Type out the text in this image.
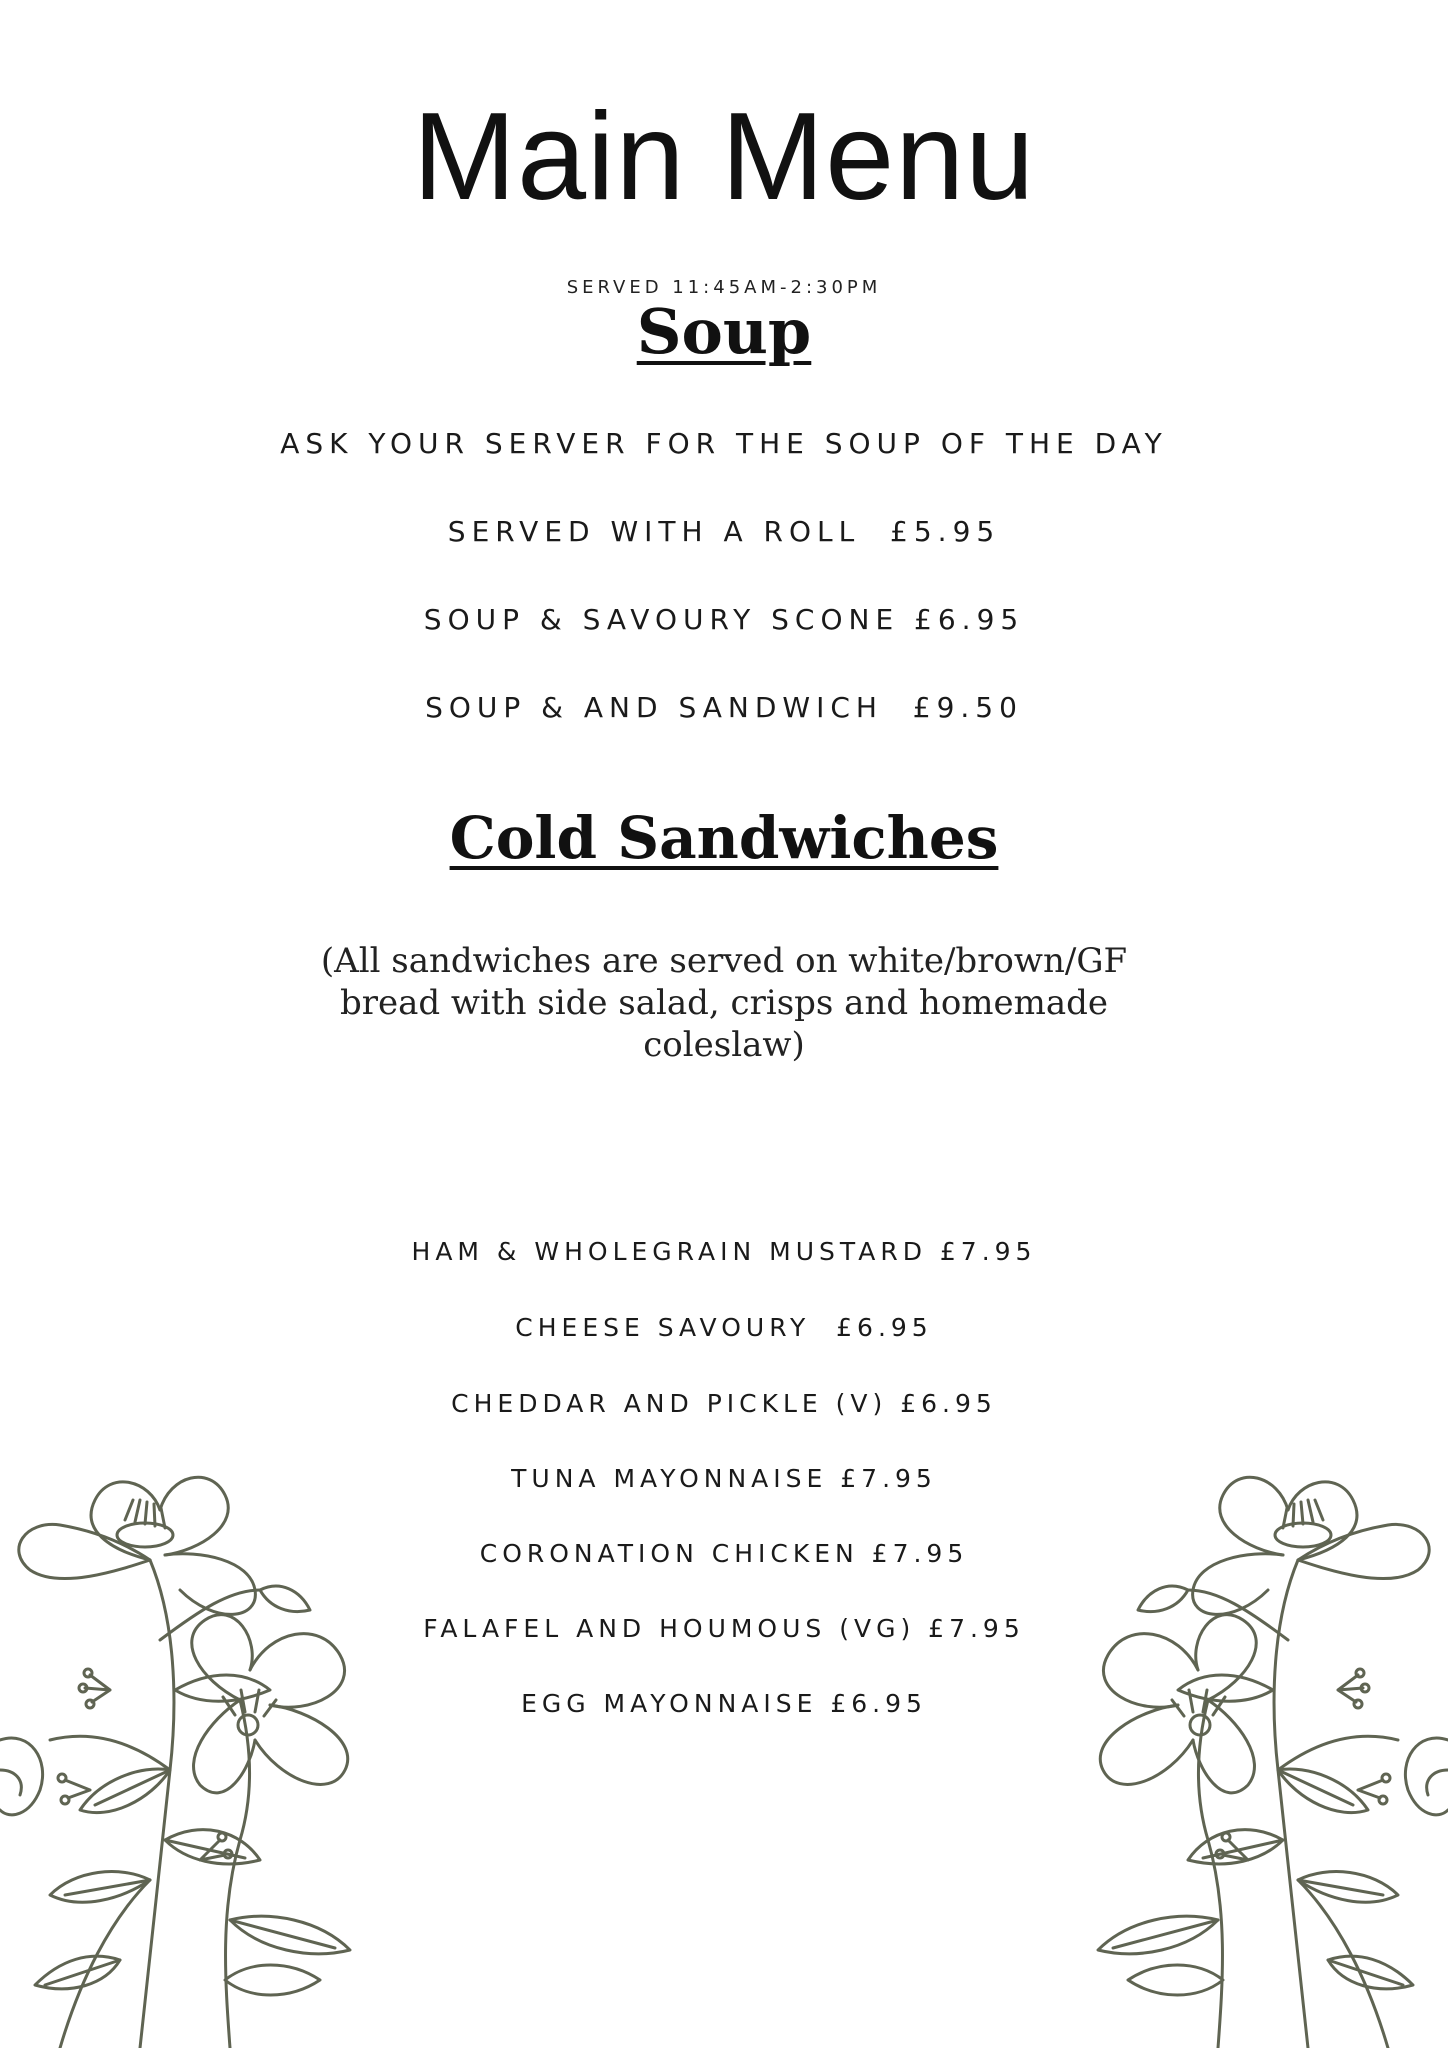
Main Menu
SERVED 11:45AM-2:30PM
Soup
ASK YOUR SERVER FOR THE SOUP OF THE DAY
SERVED WITH A ROLL  £5.95
SOUP & SAVOURY SCONE £6.95
SOUP & AND SANDWICH  £9.50
Cold Sandwiches
(All sandwiches are served on white/brown/GF bread with side salad, crisps and homemade coleslaw)
HAM & WHOLEGRAIN MUSTARD £7.95
CHEESE SAVOURY  £6.95
CHEDDAR AND PICKLE (V) £6.95
TUNA MAYONNAISE £7.95
CORONATION CHICKEN £7.95
FALAFEL AND HOUMOUS (VG) £7.95
EGG MAYONNAISE £6.95
